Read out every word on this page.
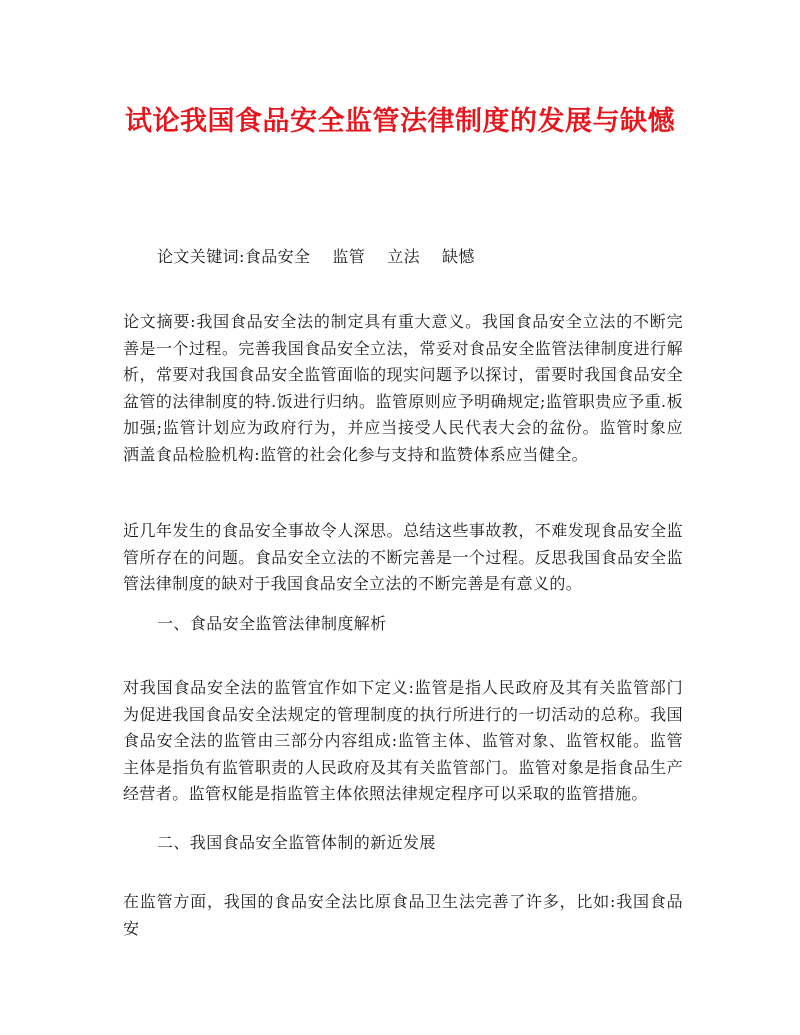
试论我国食品安全监管法律制度的发展与缺憾

论文关键词:食品安全 监管 立法 缺憾

论文摘要:我国食品安全法的制定具有重大意义。我国食品安全立法的不断完善是一个过程。完善我国食品安全立法，常妥对食品安全监管法律制度进行解析，常要对我国食品安全监管面临的现实问题予以探讨，雷要时我国食品安全盆管的法律制度的特.饭进行归纳。监管原则应予明确规定;监管职贵应予重.板加强;监管计划应为政府行为，并应当接受人民代表大会的盆份。监管时象应洒盖食品检脸机构:监管的社会化参与支持和监赞体系应当健全。

近几年发生的食品安全事故令人深思。总结这些事故教，不难发现食品安全监管所存在的问题。食品安全立法的不断完善是一个过程。反思我国食品安全监管法律制度的缺对于我国食品安全立法的不断完善是有意义的。

一、食品安全监管法律制度解析

对我国食品安全法的监管宜作如下定义:监管是指人民政府及其有关监管部门为促进我国食品安全法规定的管理制度的执行所进行的一切活动的总称。我国食品安全法的监管由三部分内容组成:监管主体、监管对象、监管权能。监管主体是指负有监管职责的人民政府及其有关监管部门。监管对象是指食品生产经营者。监管权能是指监管主体依照法律规定程序可以采取的监管措施。

二、我国食品安全监管体制的新近发展

在监管方面，我国的食品安全法比原食品卫生法完善了许多，比如:我国食品安
